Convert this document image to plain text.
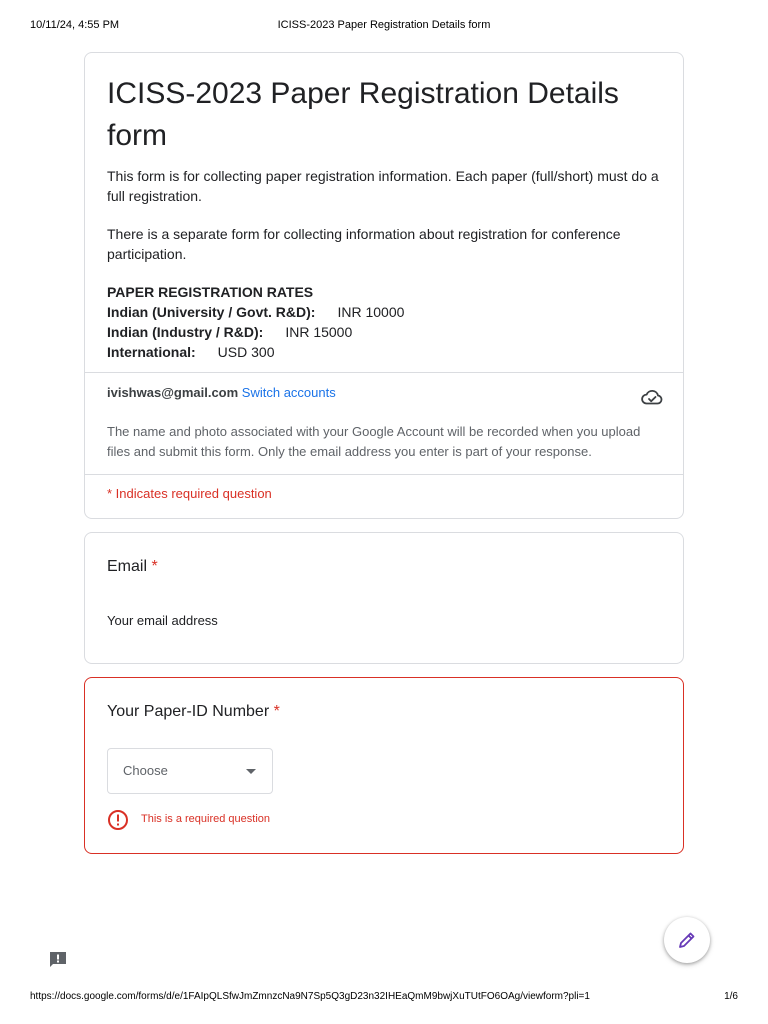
10/11/24, 4:55 PM	ICISS-2023 Paper Registration Details form
ICISS-2023 Paper Registration Details form

This form is for collecting paper registration information. Each paper (full/short) must do a full registration.

There is a separate form for collecting information about registration for conference participation.

PAPER REGISTRATION RATES
Indian (University / Govt. R&D): INR 10000
Indian (Industry / R&D): INR 15000
International: USD 300
ivishwas@gmail.com Switch accounts
The name and photo associated with your Google Account will be recorded when you upload files and submit this form. Only the email address you enter is part of your response.
* Indicates required question
Email *
Your email address
Your Paper-ID Number *
Choose
This is a required question
https://docs.google.com/forms/d/e/1FAIpQLSfwJmZmnzcNa9N7Sp5Q3gD23n32IHEaQmM9bwjXuTUtFO6OAg/viewform?pli=1	1/6
